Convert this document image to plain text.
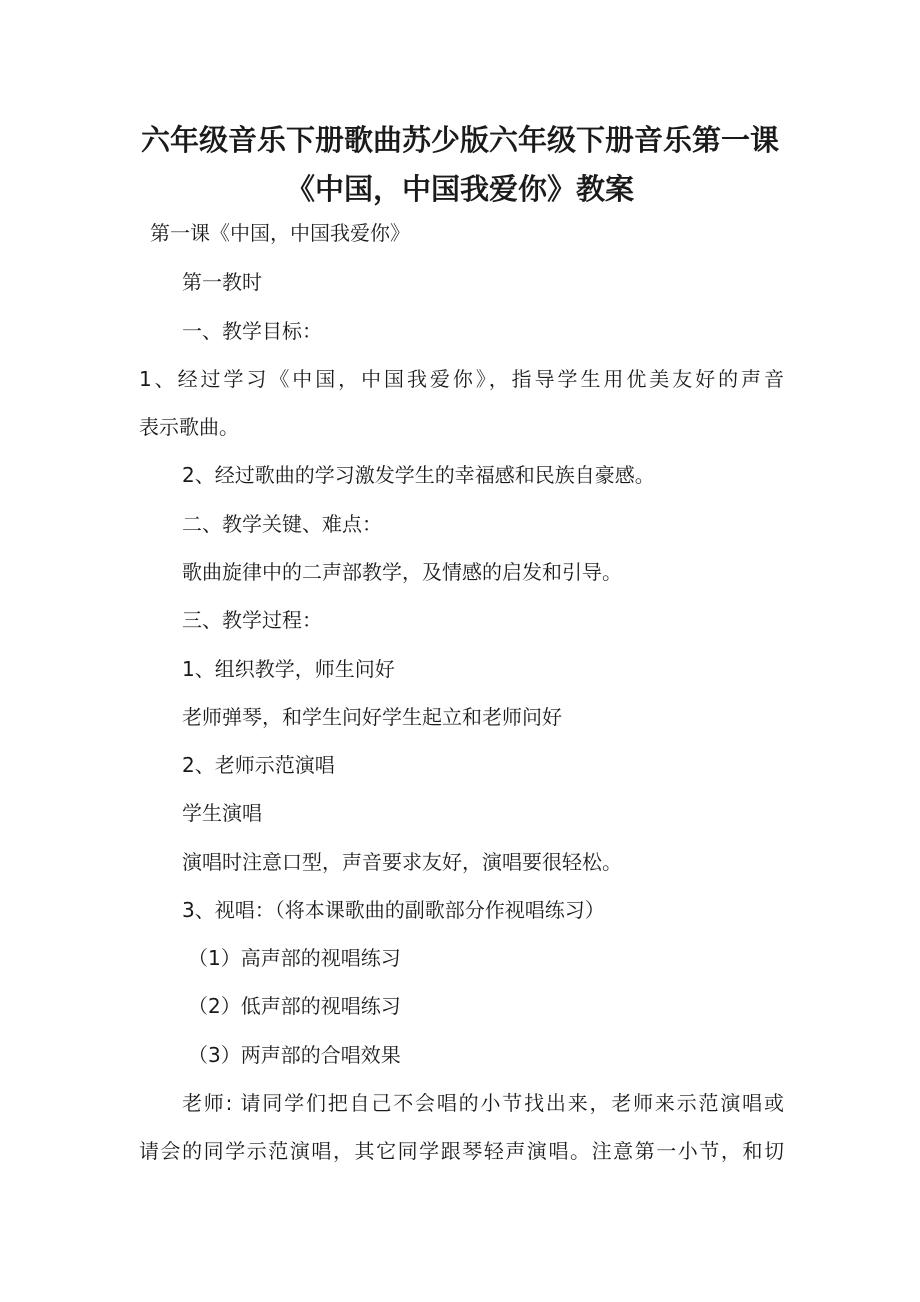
六年级音乐下册歌曲苏少版六年级下册音乐第一课
《中国，中国我爱你》教案
第一课《中国，中国我爱你》
第一教时
一、教学目标：
1、经过学习《中国，中国我爱你》，指导学生用优美友好的声音
表示歌曲。
2、经过歌曲的学习激发学生的幸福感和民族自豪感。
二、教学关键、难点：
歌曲旋律中的二声部教学，及情感的启发和引导。
三、教学过程：
1、组织教学，师生问好
老师弹琴，和学生问好学生起立和老师问好
2、老师示范演唱
学生演唱
演唱时注意口型，声音要求友好，演唱要很轻松。
3、视唱：（将本课歌曲的副歌部分作视唱练习）
（1）高声部的视唱练习
（2）低声部的视唱练习
（3）两声部的合唱效果
老师: 请同学们把自己不会唱的小节找出来，老师来示范演唱或
请会的同学示范演唱，其它同学跟琴轻声演唱。注意第一小节，和切
